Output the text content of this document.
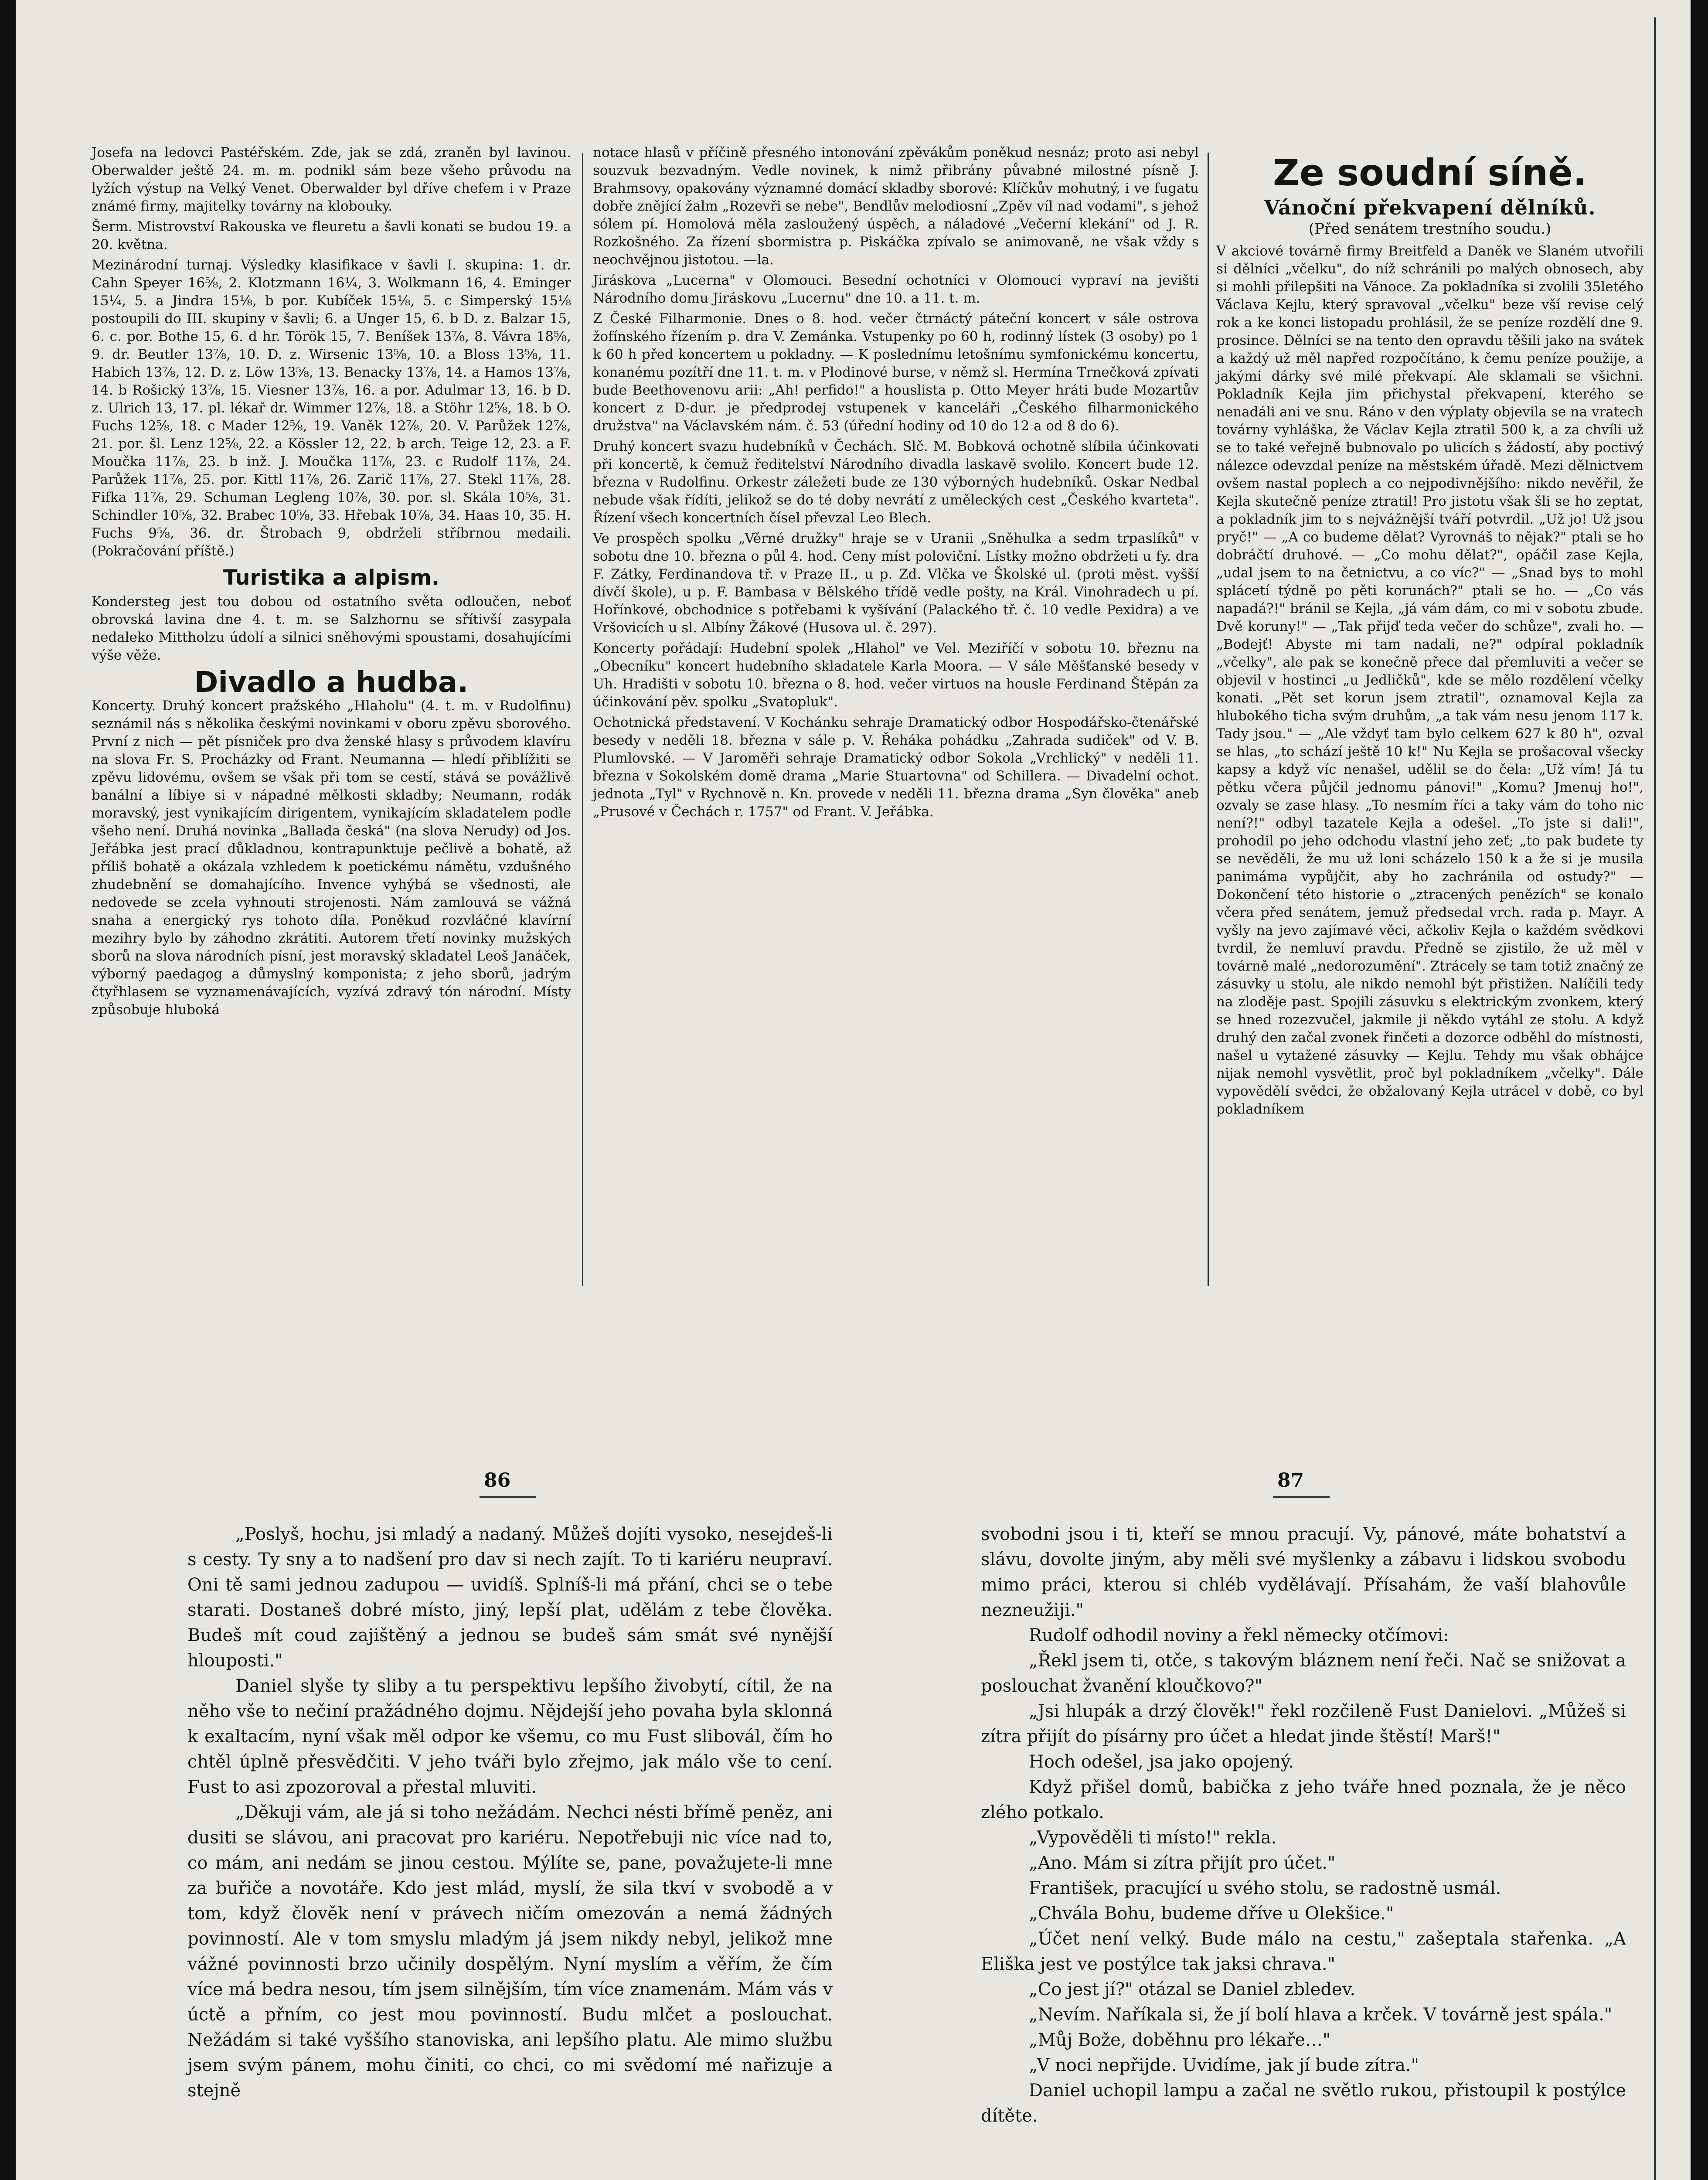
Josefa na ledovci Pastéřském. Zde, jak se zdá, zraněn byl lavinou. Oberwalder ještě 24. m. m. podnikl sám beze všeho průvodu na lyžích výstup na Velký Venet. Oberwalder byl dříve chefem i v Praze známé firmy, majitelky továrny na klobouky.

Šerm. Mistrovství Rakouska ve fleuretu a šavli konati se budou 19. a 20. května.

Mezinárodní turnaj. Výsledky klasifikace v šavli I. skupina: 1. dr. Cahn Speyer 16⅝, 2. Klotzmann 16¼, 3. Wolkmann 16, 4. Eminger 15¼, 5. a Jindra 15⅛, b por. Kubíček 15⅛, 5. c Simperský 15⅛ postoupili do III. skupiny v šavli; 6. a Unger 15, 6. b D. z. Balzar 15, 6. c. por. Bothe 15, 6. d hr. Török 15, 7. Beníšek 13⅞, 8. Vávra 18⅝, 9. dr. Beutler 13⅞, 10. D. z. Wirsenic 13⅝, 10. a Bloss 13⅝, 11. Habich 13⅞, 12. D. z. Löw 13⅝, 13. Benacky 13⅞, 14. a Hamos 13⅞, 14. b Rošický 13⅞, 15. Viesner 13⅞, 16. a por. Adulmar 13, 16. b D. z. Ulrich 13, 17. pl. lékař dr. Wimmer 12⅞, 18. a Stöhr 12⅝, 18. b O. Fuchs 12⅝, 18. c Mader 12⅝, 19. Vaněk 12⅞, 20. V. Parůžek 12⅞, 21. por. šl. Lenz 12⅝, 22. a Kössler 12, 22. b arch. Teige 12, 23. a F. Moučka 11⅞, 23. b inž. J. Moučka 11⅞, 23. c Rudolf 11⅞, 24. Parůžek 11⅞, 25. por. Kittl 11⅞, 26. Zarič 11⅞, 27. Stekl 11⅞, 28. Fifka 11⅞, 29. Schuman Legleng 10⅞, 30. por. sl. Skála 10⅝, 31. Schindler 10⅝, 32. Brabec 10⅝, 33. Hřebak 10⅞, 34. Haas 10, 35. H. Fuchs 9⅝, 36. dr. Štrobach 9, obdrželi stříbrnou medaili. (Pokračování příště.)

Turistika a alpism.

Kondersteg jest tou dobou od ostatního světa odloučen, neboť obrovská lavina dne 4. t. m. se Salzhornu se sřítivší zasypala nedaleko Mittholzu údolí a silnici sněhovými spoustami, dosahujícími výše věže.

Divadlo a hudba.

Koncerty. Druhý koncert pražského „Hlaholu" (4. t. m. v Rudolfinu) seznámil nás s několika českými novinkami v oboru zpěvu sborového. První z nich — pět písniček pro dva ženské hlasy s průvodem klavíru na slova Fr. S. Procházky od Frant. Neumanna — hledí přiblížiti se zpěvu lidovému, ovšem se však při tom se cestí, stává se povážlivě banální a líbiye si v nápadné mělkosti skladby; Neumann, rodák moravský, jest vynikajícím dirigentem, vynikajícím skladatelem podle všeho není. Druhá novinka „Ballada česká" (na slova Nerudy) od Jos. Jeřábka jest prací důkladnou, kontrapunktuje pečlivě a bohatě, až příliš bohatě a okázala vzhledem k poetickému námětu, vzdušného zhudebnění se domahajícího. Invence vyhýbá se všednosti, ale nedovede se zcela vyhnouti strojenosti. Nám zamlouvá se vážná snaha a energický rys tohoto díla. Poněkud rozvláčné klavírní mezihry bylo by záhodno zkrátiti. Autorem třetí novinky mužských sborů na slova národních písní, jest moravský skladatel Leoš Janáček, výborný paedagog a důmyslný komponista; z jeho sborů, jadrým čtyřhlasem se vyznamenávajících, vyzívá zdravý tón národní. Místy způsobuje hluboká

notace hlasů v příčině přesného intonování zpěvákům poněkud nesnáz; proto asi nebyl souzvuk bezvadným. Vedle novinek, k nimž přibrány půvabné milostné písně J. Brahmsovy, opakovány významné domácí skladby sborové: Klíčkův mohutný, i ve fugatu dobře znějící žalm „Rozevři se nebe", Bendlův melodiosní „Zpěv víl nad vodami", s jehož sólem pí. Homolová měla zasloužený úspěch, a náladové „Večerní klekání" od J. R. Rozkošného. Za řízení sbormistra p. Piskáčka zpívalo se animovaně, ne však vždy s neochvějnou jistotou. —la.

Jiráskova „Lucerna" v Olomouci. Besední ochotníci v Olomouci vypraví na jevišti Národního domu Jiráskovu „Lucernu" dne 10. a 11. t. m.

Z České Filharmonie. Dnes o 8. hod. večer čtrnáctý páteční koncert v sále ostrova žofínského řízením p. dra V. Zemánka. Vstupenky po 60 h, rodinný lístek (3 osoby) po 1 k 60 h před koncertem u pokladny. — K poslednímu letošnímu symfonickému koncertu, konanému pozítří dne 11. t. m. v Plodinové burse, v němž sl. Hermína Trnečková zpívati bude Beethovenovu arii: „Ah! perfido!" a houslista p. Otto Meyer hráti bude Mozartův koncert z D-dur. je předprodej vstupenek v kanceláři „Českého filharmonického družstva" na Václavském nám. č. 53 (úřední hodiny od 10 do 12 a od 8 do 6).

Druhý koncert svazu hudebníků v Čechách. Slč. M. Bobková ochotně slíbila účinkovati při koncertě, k čemuž ředitelství Národního divadla laskavě svolilo. Koncert bude 12. března v Rudolfinu. Orkestr záležeti bude ze 130 výborných hudebníků. Oskar Nedbal nebude však řídíti, jelikož se do té doby nevrátí z uměleckých cest „Českého kvarteta". Řízení všech koncertních čísel převzal Leo Blech.

Ve prospěch spolku „Věrné družky" hraje se v Uranii „Sněhulka a sedm trpaslíků" v sobotu dne 10. března o půl 4. hod. Ceny míst poloviční. Lístky možno obdržeti u fy. dra F. Zátky, Ferdinandova tř. v Praze II., u p. Zd. Vlčka ve Školské ul. (proti měst. vyšší dívčí škole), u p. F. Bambasa v Bělského třídě vedle pošty, na Král. Vinohradech u pí. Hořínkové, obchodnice s potřebami k vyšívání (Palackého tř. č. 10 vedle Pexidra) a ve Vršovicích u sl. Albíny Žákové (Husova ul. č. 297).

Koncerty pořádají: Hudební spolek „Hlahol" ve Vel. Meziříčí v sobotu 10. březnu na „Obecníku" koncert hudebního skladatele Karla Moora. — V sále Měšťanské besedy v Uh. Hradišti v sobotu 10. března o 8. hod. večer virtuos na housle Ferdinand Štěpán za účinkování pěv. spolku „Svatopluk".

Ochotnická představení. V Kochánku sehraje Dramatický odbor Hospodářsko-čtenářské besedy v neděli 18. března v sále p. V. Řeháka pohádku „Zahrada sudiček" od V. B. Plumlovské. — V Jaroměři sehraje Dramatický odbor Sokola „Vrchlický" v neděli 11. března v Sokolském domě drama „Marie Stuartovna" od Schillera. — Divadelní ochot. jednota „Tyl" v Rychnově n. Kn. provede v neděli 11. března drama „Syn člověka" aneb „Prusové v Čechách r. 1757" od Frant. V. Jeřábka.

Ze soudní síně.
Vánoční překvapení dělníků.
(Před senátem trestního soudu.)

V akciové továrně firmy Breitfeld a Daněk ve Slaném utvořili si dělníci „včelku", do níž schránili po malých obnosech, aby si mohli přilepšiti na Vánoce. Za pokladníka si zvolili 35letého Václava Kejlu, který spravoval „včelku" beze vší revise celý rok a ke konci listopadu prohlásil, že se peníze rozdělí dne 9. prosince. Dělníci se na tento den opravdu těšili jako na svátek a každý už měl napřed rozpočítáno, k čemu peníze použije, a jakými dárky své milé překvapí. Ale sklamali se všichni. Pokladník Kejla jim přichystal překvapení, kterého se nenadáli ani ve snu. Ráno v den výplaty objevila se na vratech továrny vyhláška, že Václav Kejla ztratil 500 k, a za chvíli už se to také veřejně bubnovalo po ulicích s žádostí, aby poctivý nálezce odevzdal peníze na městském úřadě. Mezi dělnictvem ovšem nastal poplech a co nejpodivnějšího: nikdo nevěřil, že Kejla skutečně peníze ztratil! Pro jistotu však šli se ho zeptat, a pokladník jim to s nejvážnější tváří potvrdil. „Už jo! Už jsou pryč!" — „A co budeme dělat? Vyrovnáš to nějak?" ptali se ho dobráčtí druhové. — „Co mohu dělat?", opáčil zase Kejla, „udal jsem to na četnictvu, a co víc?" — „Snad bys to mohl splácetí týdně po pěti korunách?" ptali se ho. — „Co vás napadá?!" bránil se Kejla, „já vám dám, co mi v sobotu zbude. Dvě koruny!" — „Tak přijď teda večer do schůze", zvali ho. — „Bodejť! Abyste mi tam nadali, ne?" odpíral pokladník „včelky", ale pak se konečně přece dal přemluviti a večer se objevil v hostinci „u Jedličků", kde se mělo rozdělení včelky konati. „Pět set korun jsem ztratil", oznamoval Kejla za hlubokého ticha svým druhům, „a tak vám nesu jenom 117 k. Tady jsou." — „Ale vždyť tam bylo celkem 627 k 80 h", ozval se hlas, „to schází ještě 10 k!" Nu Kejla se prošacoval všecky kapsy a když víc nenašel, udělil se do čela: „Už vím! Já tu pětku včera půjčil jednomu pánovi!" „Komu? Jmenuj ho!", ozvaly se zase hlasy. „To nesmím říci a taky vám do toho nic není?!" odbyl tazatele Kejla a odešel. „To jste si dali!", prohodil po jeho odchodu vlastní jeho zeť; „to pak budete ty se nevěděli, že mu už loni scházelo 150 k a že si je musila panimáma vypůjčit, aby ho zachránila od ostudy?" — Dokončení této historie o „ztracených penězích" se konalo včera před senátem, jemuž předsedal vrch. rada p. Mayr. A vyšly na jevo zajímavé věci, ačkoliv Kejla o každém svědkovi tvrdil, že nemluví pravdu. Předně se zjistilo, že už měl v továrně malé „nedorozumění". Ztrácely se tam totiž značný ze zásuvky u stolu, ale nikdo nemohl být přistižen. Nalíčili tedy na zloděje past. Spojili zásuvku s elektrickým zvonkem, který se hned rozezvučel, jakmile ji někdo vytáhl ze stolu. A když druhý den začal zvonek řinčeti a dozorce odběhl do místnosti, našel u vytažené zásuvky — Kejlu. Tehdy mu však obhájce nijak nemohl vysvětlit, proč byl pokladníkem „včelky". Dále vypovědělí svědci, že obžalovaný Kejla utrácel v době, co byl pokladníkem

86	87

„Poslyš, hochu, jsi mladý a nadaný. Můžeš dojíti vysoko, nesejdeš-li s cesty. Ty sny a to nadšení pro dav si nech zajít. To ti kariéru neupraví. Oni tě sami jednou zadupou — uvidíš. Splníš-li má přání, chci se o tebe starati. Dostaneš dobré místo, jiný, lepší plat, udělám z tebe člověka. Budeš mít coud zajištěný a jednou se budeš sám smát své nynější hlouposti."

Daniel slyše ty sliby a tu perspektivu lepšího živobytí, cítil, že na něho vše to nečiní pražádného dojmu. Nějdejší jeho povaha byla sklonná k exaltacím, nyní však měl odpor ke všemu, co mu Fust slibovál, čím ho chtěl úplně přesvědčiti. V jeho tváři bylo zřejmo, jak málo vše to cení. Fust to asi zpozoroval a přestal mluviti.

„Děkuji vám, ale já si toho nežádám. Nechci nésti břímě peněz, ani dusiti se slávou, ani pracovat pro kariéru. Nepotřebuji nic více nad to, co mám, ani nedám se jinou cestou. Mýlíte se, pane, považujete-li mne za buřiče a novotáře. Kdo jest mlád, myslí, že sila tkví v svobodě a v tom, když člověk není v právech ničím omezován a nemá žádných povinností. Ale v tom smyslu mladým já jsem nikdy nebyl, jelikož mne vážné povinnosti brzo učinily dospělým. Nyní myslím a věřím, že čím více má bedra nesou, tím jsem silnějším, tím více znamenám. Mám vás v úctě a přním, co jest mou povinností. Budu mlčet a poslouchat. Nežádám si také vyššího stanoviska, ani lepšího platu. Ale mimo službu jsem svým pánem, mohu činiti, co chci, co mi svědomí mé nařizuje a stejně

svobodni jsou i ti, kteří se mnou pracují. Vy, pánové, máte bohatství a slávu, dovolte jiným, aby měli své myšlenky a zábavu i lidskou svobodu mimo práci, kterou si chléb vydělávají. Přísahám, že vaší blahovůle nezneužiji."

Rudolf odhodil noviny a řekl německy otčímovi:

„Řekl jsem ti, otče, s takovým bláznem není řeči. Nač se snižovat a poslouchat žvanění kloučkovo?"

„Jsi hlupák a drzý člověk!" řekl rozčileně Fust Danielovi. „Můžeš si zítra přijít do písárny pro účet a hledat jinde štěstí! Marš!"

Hoch odešel, jsa jako opojený.

Když přišel domů, babička z jeho tváře hned poznala, že je něco zlého potkalo.

„Vypověděli ti místo!" rekla.

„Ano. Mám si zítra přijít pro účet."

František, pracující u svého stolu, se radostně usmál.

„Chvála Bohu, budeme dříve u Olekšice."

„Účet není velký. Bude málo na cestu," zašeptala stařenka. „A Eliška jest ve postýlce tak jaksi chrava."

„Co jest jí?" otázal se Daniel zbledev.

„Nevím. Naříkala si, že jí bolí hlava a krček. V továrně jest spála."

„Můj Bože, doběhnu pro lékaře…"

„V noci nepřijde. Uvidíme, jak jí bude zítra."

Daniel uchopil lampu a začal ne světlo rukou, přistoupil k postýlce dítěte.
